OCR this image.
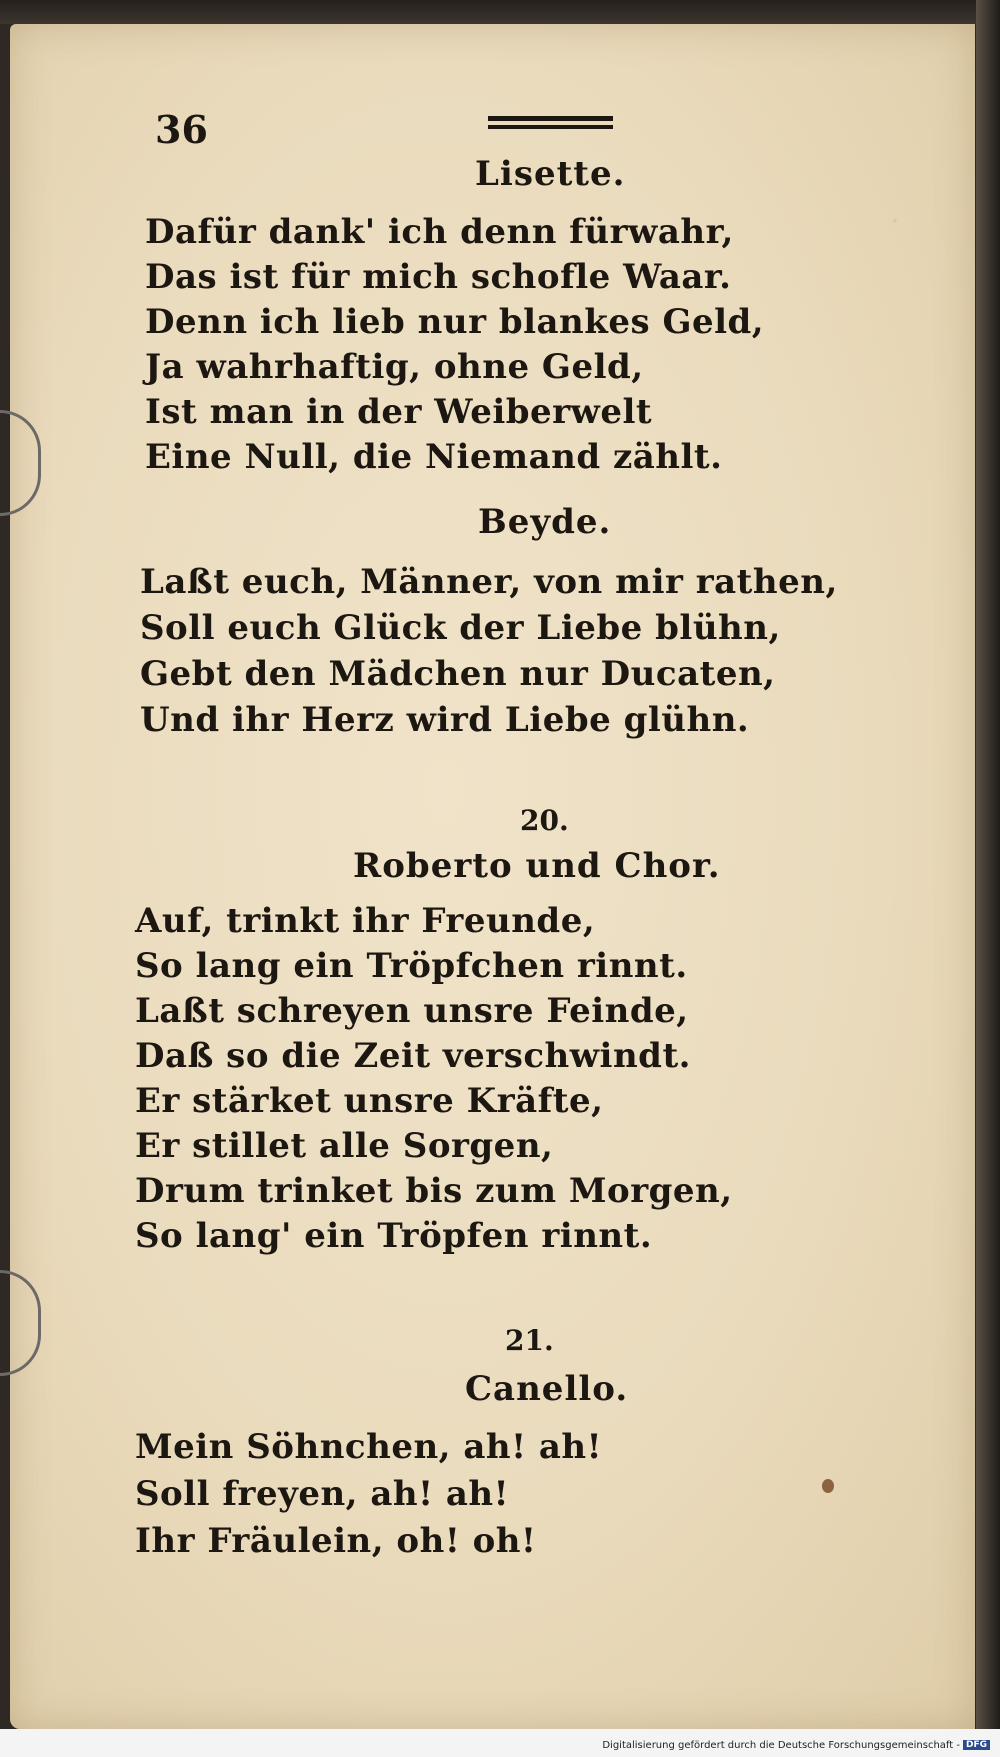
·
36
Lisette.
Dafür dank' ich denn fürwahr,
Das ist für mich schofle Waar.
Denn ich lieb nur blankes Geld,
Ja wahrhaftig, ohne Geld,
Ist man in der Weiberwelt
Eine Null, die Niemand zählt.
Beyde.
Laßt euch, Männer, von mir rathen,
Soll euch Glück der Liebe blühn,
Gebt den Mädchen nur Ducaten,
Und ihr Herz wird Liebe glühn.
20.
Roberto und Chor.
Auf, trinkt ihr Freunde,
So lang ein Tröpfchen rinnt.
Laßt schreyen unsre Feinde,
Daß so die Zeit verschwindt.
Er stärket unsre Kräfte,
Er stillet alle Sorgen,
Drum trinket bis zum Morgen,
So lang' ein Tröpfen rinnt.
21.
Canello.
Mein Söhnchen, ah! ah!
Soll freyen, ah! ah!
Ihr Fräulein, oh! oh!
Digitalisierung gefördert durch die Deutsche Forschungsgemeinschaft - DFG
